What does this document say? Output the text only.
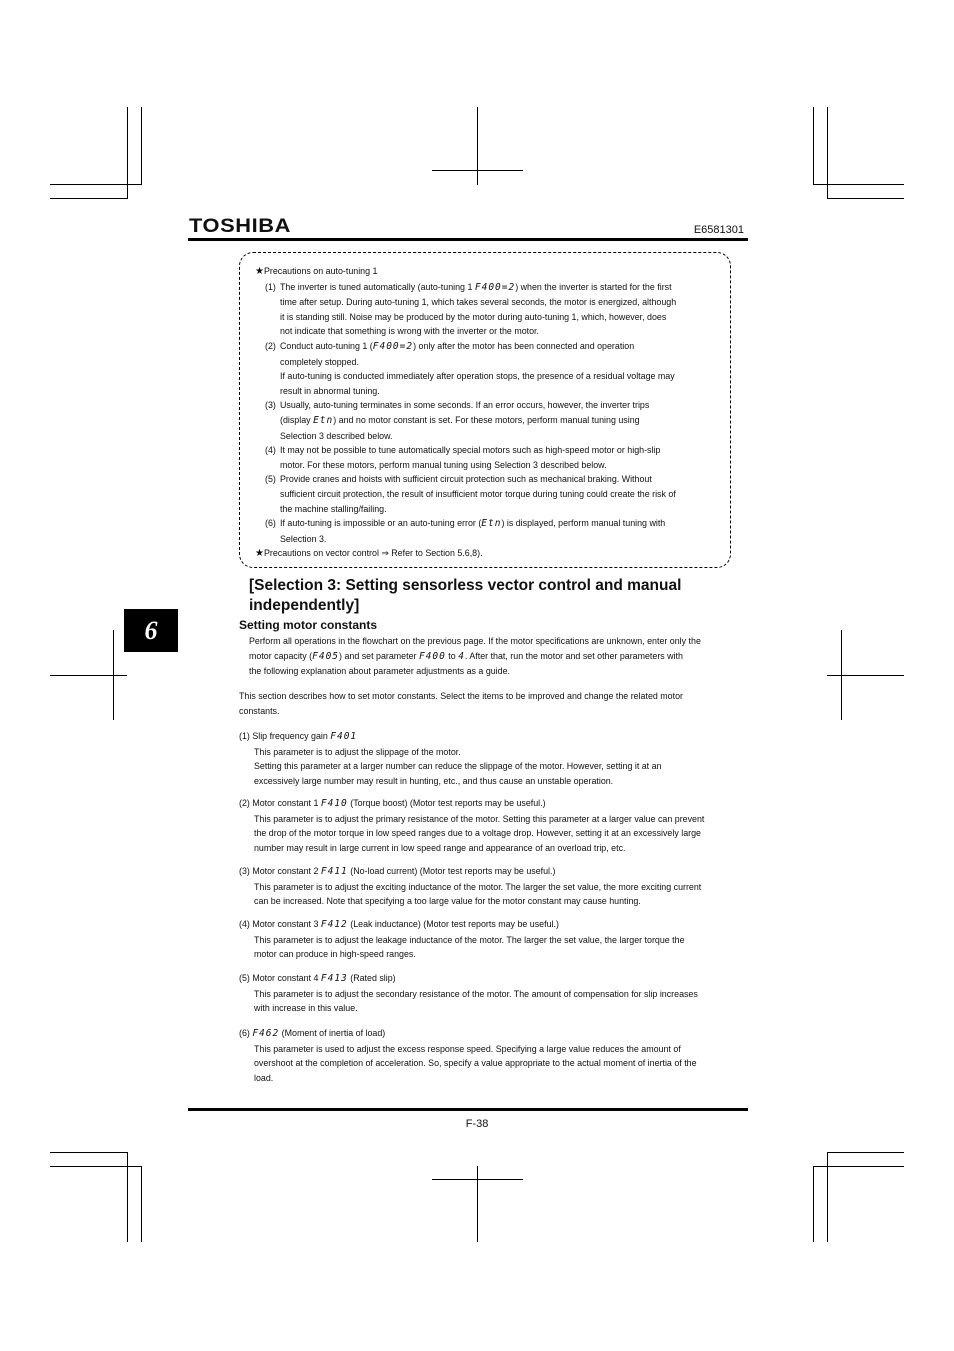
TOSHIBA	E6581301
6

★Precautions on auto-tuning 1

(1) The inverter is tuned automatically (auto-tuning 1 F400=2) when the inverter is started for the first

time after setup. During auto-tuning 1, which takes several seconds, the motor is energized, although

it is standing still. Noise may be produced by the motor during auto-tuning 1, which, however, does

not indicate that something is wrong with the inverter or the motor.

(2) Conduct auto-tuning 1 (F400=2) only after the motor has been connected and operation

completely stopped.

If auto-tuning is conducted immediately after operation stops, the presence of a residual voltage may

result in abnormal tuning.

(3) Usually, auto-tuning terminates in some seconds. If an error occurs, however, the inverter trips

(display Etn) and no motor constant is set. For these motors, perform manual tuning using

Selection 3 described below.

(4) It may not be possible to tune automatically special motors such as high-speed motor or high-slip

motor. For these motors, perform manual tuning using Selection 3 described below.

(5) Provide cranes and hoists with sufficient circuit protection such as mechanical braking. Without

sufficient circuit protection, the result of insufficient motor torque during tuning could create the risk of

the machine stalling/failing.

(6) If auto-tuning is impossible or an auto-tuning error (Etn) is displayed, perform manual tuning with

Selection 3.

★Precautions on vector control ⇒ Refer to Section 5.6,8).

[Selection 3: Setting sensorless vector control and manual
independently]
Setting motor constants

Perform all operations in the flowchart on the previous page. If the motor specifications are unknown, enter only the

motor capacity (F405) and set parameter F400 to 4. After that, run the motor and set other parameters with

the following explanation about parameter adjustments as a guide.

This section describes how to set motor constants. Select the items to be improved and change the related motor

constants.

(1) Slip frequency gain F401

This parameter is to adjust the slippage of the motor.

Setting this parameter at a larger number can reduce the slippage of the motor. However, setting it at an

excessively large number may result in hunting, etc., and thus cause an unstable operation.

(2) Motor constant 1 F410 (Torque boost) (Motor test reports may be useful.)

This parameter is to adjust the primary resistance of the motor. Setting this parameter at a larger value can prevent

the drop of the motor torque in low speed ranges due to a voltage drop. However, setting it at an excessively large

number may result in large current in low speed range and appearance of an overload trip, etc.

(3) Motor constant 2 F411 (No-load current) (Motor test reports may be useful.)

This parameter is to adjust the exciting inductance of the motor. The larger the set value, the more exciting current

can be increased. Note that specifying a too large value for the motor constant may cause hunting.

(4) Motor constant 3 F412 (Leak inductance) (Motor test reports may be useful.)

This parameter is to adjust the leakage inductance of the motor. The larger the set value, the larger torque the

motor can produce in high-speed ranges.

(5) Motor constant 4 F413 (Rated slip)

This parameter is to adjust the secondary resistance of the motor. The amount of compensation for slip increases

with increase in this value.

(6) F462 (Moment of inertia of load)

This parameter is used to adjust the excess response speed. Specifying a large value reduces the amount of

overshoot at the completion of acceleration. So, specify a value appropriate to the actual moment of inertia of the

load.

F-38
